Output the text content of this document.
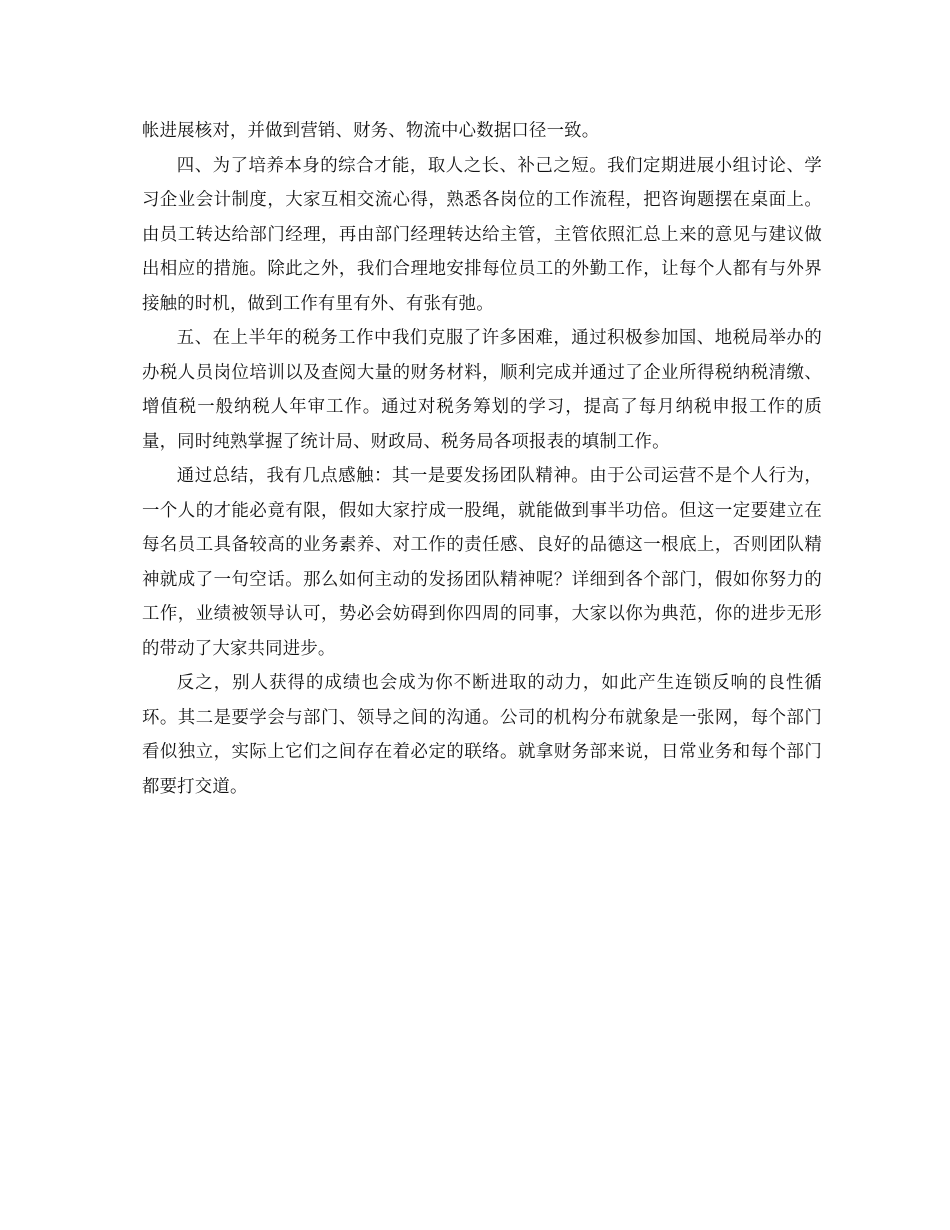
帐进展核对，并做到营销、财务、物流中心数据口径一致。

四、为了培养本身的综合才能，取人之长、补己之短。我们定期进展小组讨论、学习企业会计制度，大家互相交流心得，熟悉各岗位的工作流程，把咨询题摆在桌面上。由员工转达给部门经理，再由部门经理转达给主管，主管依照汇总上来的意见与建议做出相应的措施。除此之外，我们合理地安排每位员工的外勤工作，让每个人都有与外界接触的时机，做到工作有里有外、有张有弛。

五、在上半年的税务工作中我们克服了许多困难，通过积极参加国、地税局举办的办税人员岗位培训以及查阅大量的财务材料，顺利完成并通过了企业所得税纳税清缴、增值税一般纳税人年审工作。通过对税务筹划的学习，提高了每月纳税申报工作的质量，同时纯熟掌握了统计局、财政局、税务局各项报表的填制工作。

通过总结，我有几点感触：其一是要发扬团队精神。由于公司运营不是个人行为，一个人的才能必竟有限，假如大家拧成一股绳，就能做到事半功倍。但这一定要建立在每名员工具备较高的业务素养、对工作的责任感、良好的品德这一根底上，否则团队精神就成了一句空话。那么如何主动的发扬团队精神呢？详细到各个部门，假如你努力的工作，业绩被领导认可，势必会妨碍到你四周的同事，大家以你为典范，你的进步无形的带动了大家共同进步。

反之，别人获得的成绩也会成为你不断进取的动力，如此产生连锁反响的良性循环。其二是要学会与部门、领导之间的沟通。公司的机构分布就象是一张网，每个部门看似独立，实际上它们之间存在着必定的联络。就拿财务部来说，日常业务和每个部门都要打交道。
